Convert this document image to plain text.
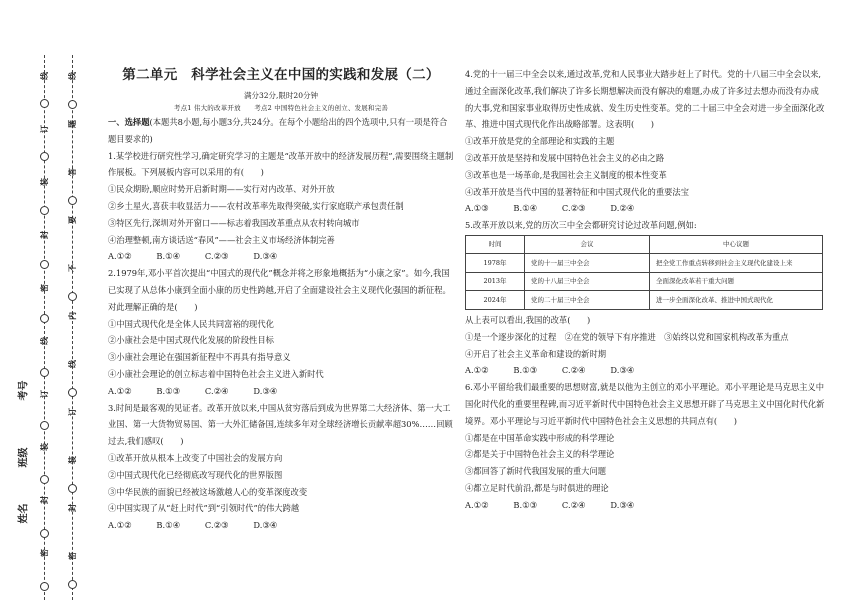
姓名
班级
考号
线
订
装
封
密
线
订
装
封
密
线
题
答
要
不
内
线
订
装
封
密
第二单元　科学社会主义在中国的实践和发展（二）
满分32分,限时20分钟
考点1 伟大的改革开放　　考点2 中国特色社会主义的创立、发展和完善

一、选择题(本题共8小题,每小题3分,共24分。在每个小题给出的四个选项中,只有一项是符合题目要求的)

1.某学校进行研究性学习,确定研究学习的主题是“改革开放中的经济发展历程”,需要围绕主题制作展板。下列展板内容可以采用的有(　　)

①民众期盼,顺应时势开启新时期——实行对内改革、对外开放

②乡土星火,喜获丰收显活力——农村改革率先取得突破,实行家庭联产承包责任制

③特区先行,深圳对外开窗口——标志着我国改革重点从农村转向城市

④治理整顿,南方谈话送“春风”——社会主义市场经济体制完善

A.①②　　　B.①④　　　C.②③　　　D.③④

2.1979年,邓小平首次提出“中国式的现代化”概念并将之形象地概括为“小康之家”。如今,我国已实现了从总体小康到全面小康的历史性跨越,开启了全面建设社会主义现代化强国的新征程。对此理解正确的是(　　)

①中国式现代化是全体人民共同富裕的现代化

②小康社会是中国式现代化发展的阶段性目标

③小康社会理论在强国新征程中不再具有指导意义

④小康社会理论的创立标志着中国特色社会主义进入新时代

A.①②　　　B.①③　　　C.②④　　　D.③④

3.时间是最客观的见证者。改革开放以来,中国从贫穷落后到成为世界第二大经济体、第一大工业国、第一大货物贸易国、第一大外汇储备国,连续多年对全球经济增长贡献率超30%……回顾过去,我们感叹(　　)

①改革开放从根本上改变了中国社会的发展方向

②中国式现代化已经彻底改写现代化的世界版图

③中华民族的面貌已经被这场激越人心的变革深度改变

④中国实现了从“赶上时代”到“引领时代”的伟大跨越

A.①②　　　B.①④　　　C.②③　　　D.③④

4.党的十一届三中全会以来,通过改革,党和人民事业大踏步赶上了时代。党的十八届三中全会以来,通过全面深化改革,我们解决了许多长期想解决而没有解决的难题,办成了许多过去想办而没有办成的大事,党和国家事业取得历史性成就、发生历史性变革。党的二十届三中全会对进一步全面深化改革、推进中国式现代化作出战略部署。这表明(　　)

①改革开放是党的全部理论和实践的主题

②改革开放是坚持和发展中国特色社会主义的必由之路

③改革也是一场革命,是我国社会主义制度的根本性变革

④改革开放是当代中国的显著特征和中国式现代化的重要法宝

A.①③　　　B.①④　　　C.②③　　　D.②④

5.改革开放以来,党的历次三中全会都研究讨论过改革问题,例如:

时间	会议	中心议题
1978年	党的十一届三中全会	把全党工作重点转移到社会主义现代化建设上来
2013年	党的十八届三中全会	全面深化改革若干重大问题
2024年	党的二十届三中全会	进一步全面深化改革、推进中国式现代化

从上表可以看出,我国的改革(　　)

①是一个逐步深化的过程　②在党的领导下有序推进　③始终以党和国家机构改革为重点

④开启了社会主义革命和建设的新时期

A.①②　　　B.①③　　　C.②④　　　D.③④

6.邓小平留给我们最重要的思想财富,就是以他为主创立的邓小平理论。邓小平理论是马克思主义中国化时代化的重要里程碑,而习近平新时代中国特色社会主义思想开辟了马克思主义中国化时代化新境界。邓小平理论与习近平新时代中国特色社会主义思想的共同点有(　　)

①都是在中国革命实践中形成的科学理论

②都是关于中国特色社会主义的科学理论

③都回答了新时代我国发展的重大问题

④都立足时代前沿,都是与时俱进的理论

A.①②　　　B.①③　　　C.②④　　　D.③④
